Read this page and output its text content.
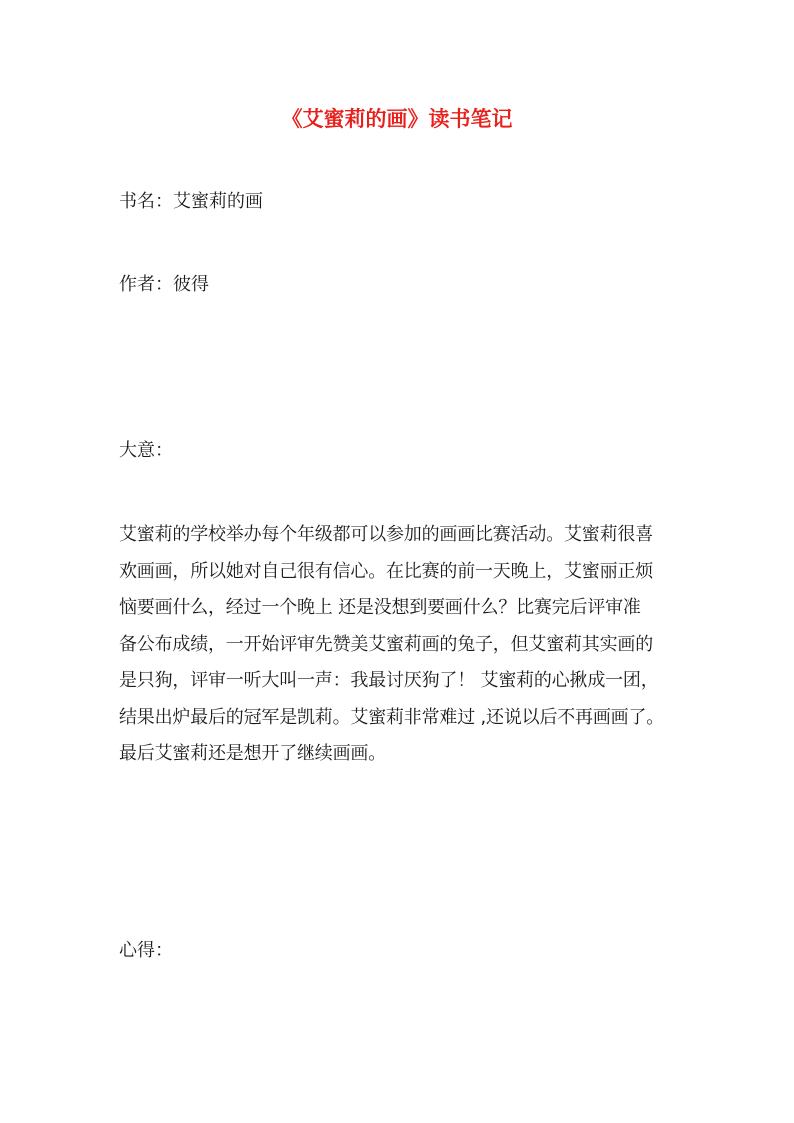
《艾蜜莉的画》读书笔记

书名：艾蜜莉的画

作者：彼得

大意：

艾蜜莉的学校举办每个年级都可以参加的画画比赛活动。艾蜜莉很喜
欢画画，所以她对自己很有信心。在比赛的前一天晚上，艾蜜丽正烦
恼要画什么，经过一个晚上 还是没想到要画什么？比赛完后评审准
备公布成绩，一开始评审先赞美艾蜜莉画的兔子，但艾蜜莉其实画的
是只狗，评审一听大叫一声：我最讨厌狗了！ 艾蜜莉的心揪成一团，
结果出炉最后的冠军是凯莉。艾蜜莉非常难过 ,还说以后不再画画了。
最后艾蜜莉还是想开了继续画画。

心得：
